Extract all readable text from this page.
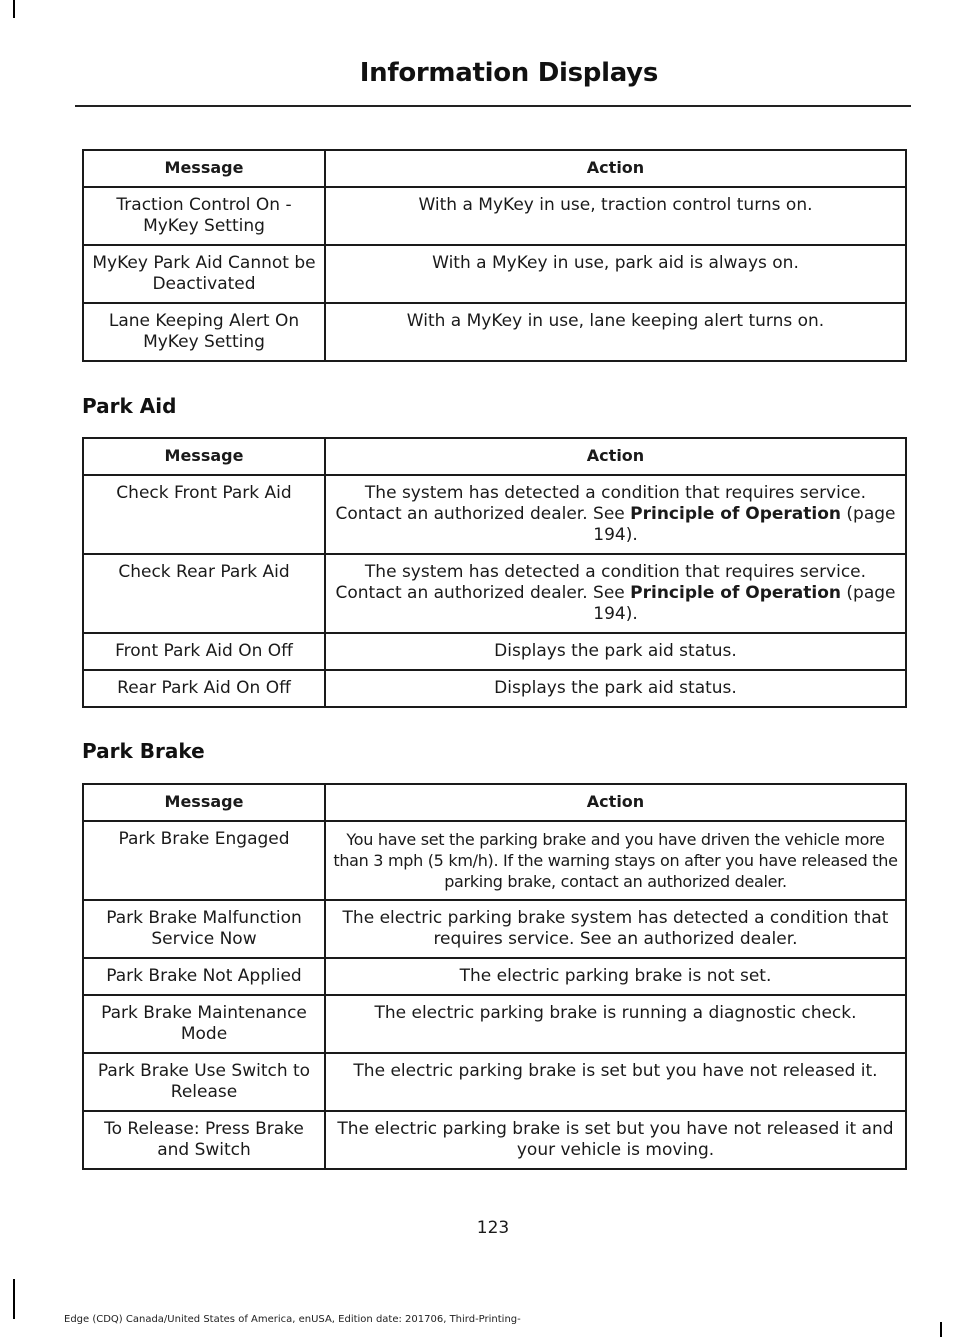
Information Displays
Message	Action
Traction Control On - MyKey Setting	With a MyKey in use, traction control turns on.
MyKey Park Aid Cannot be Deactivated	With a MyKey in use, park aid is always on.
Lane Keeping Alert On MyKey Setting	With a MyKey in use, lane keeping alert turns on.
Park Aid
Message	Action
Check Front Park Aid	The system has detected a condition that requires service. Contact an authorized dealer. See Principle of Operation (page 194).
Check Rear Park Aid	The system has detected a condition that requires service. Contact an authorized dealer. See Principle of Operation (page 194).
Front Park Aid On Off	Displays the park aid status.
Rear Park Aid On Off	Displays the park aid status.
Park Brake
Message	Action
Park Brake Engaged	You have set the parking brake and you have driven the vehicle more than 3 mph (5 km/h). If the warning stays on after you have released the parking brake, contact an authorized dealer.
Park Brake Malfunction Service Now	The electric parking brake system has detected a condition that requires service. See an authorized dealer.
Park Brake Not Applied	The electric parking brake is not set.
Park Brake Maintenance Mode	The electric parking brake is running a diagnostic check.
Park Brake Use Switch to Release	The electric parking brake is set but you have not released it.
To Release: Press Brake and Switch	The electric parking brake is set but you have not released it and your vehicle is moving.
123
Edge (CDQ) Canada/United States of America, enUSA, Edition date: 201706, Third-Printing-
